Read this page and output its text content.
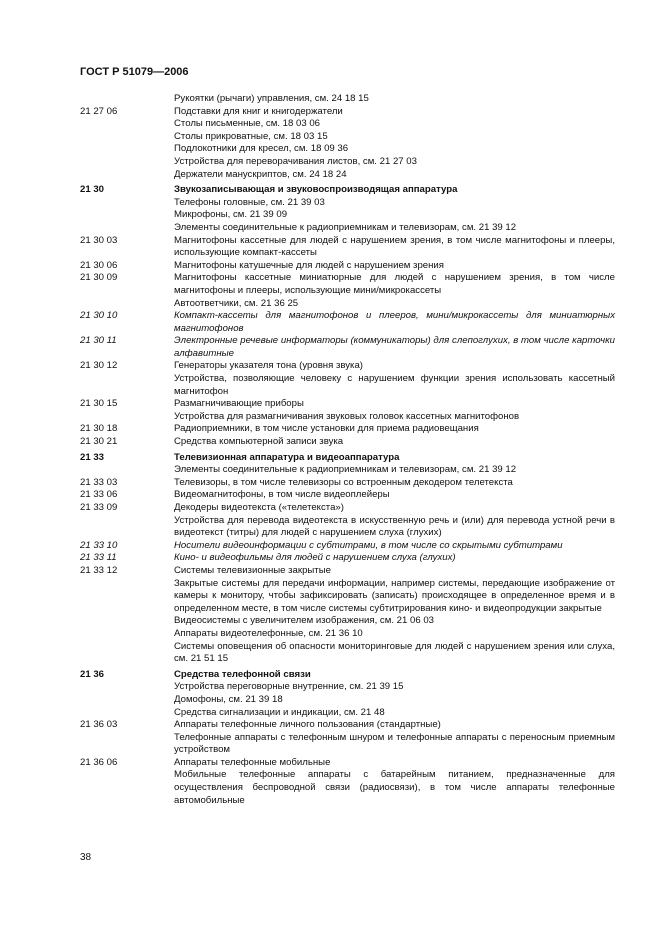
ГОСТ Р 51079—2006
Рукоятки (рычаги) управления, см. 24 18 15
21 27 06	Подставки для книг и книгодержатели
Столы письменные, см. 18 03 06
Столы прикроватные, см. 18 03 15
Подлокотники для кресел, см. 18 09 36
Устройства для переворачивания листов, см. 21 27 03
Держатели манускриптов, см. 24 18 24
21 30	Звукозаписывающая и звуковоспроизводящая аппаратура
Телефоны головные, см. 21 39 03
Микрофоны, см. 21 39 09
Элементы соединительные к радиоприемникам и телевизорам, см. 21 39 12
21 30 03	Магнитофоны кассетные для людей с нарушением зрения, в том числе магнитофоны и плееры, использующие компакт-кассеты
21 30 06	Магнитофоны катушечные для людей с нарушением зрения
21 30 09	Магнитофоны кассетные миниатюрные для людей с нарушением зрения, в том числе магнитофоны и плееры, использующие мини/микрокассеты
Автоответчики, см. 21 36 25
21 30 10	Компакт-кассеты для магнитофонов и плееров, мини/микрокассеты для миниатюрных магнитофонов
21 30 11	Электронные речевые информаторы (коммуникаторы) для слепоглухих, в том числе карточки алфавитные
21 30 12	Генераторы указателя тона (уровня звука)
Устройства, позволяющие человеку с нарушением функции зрения использовать кассетный магнитофон
21 30 15	Размагничивающие приборы
Устройства для размагничивания звуковых головок кассетных магнитофонов
21 30 18	Радиоприемники, в том числе установки для приема радиовещания
21 30 21	Средства компьютерной записи звука
21 33	Телевизионная аппаратура и видеоаппаратура
Элементы соединительные к радиоприемникам и телевизорам, см. 21 39 12
21 33 03	Телевизоры, в том числе телевизоры со встроенным декодером телетекста
21 33 06	Видеомагнитофоны, в том числе видеоплейеры
21 33 09	Декодеры видеотекста («телетекста»)
Устройства для перевода видеотекста в искусственную речь и (или) для перевода устной речи в видеотекст (титры) для людей с нарушением слуха (глухих)
21 33 10	Носители видеоинформации с субтитрами, в том числе со скрытыми субтитрами
21 33 11	Кино- и видеофильмы для людей с нарушением слуха (глухих)
21 33 12	Системы телевизионные закрытые
Закрытые системы для передачи информации, например системы, передающие изображение от камеры к монитору, чтобы зафиксировать (записать) происходящее в определенное время и в определенном месте, в том числе системы субтитрирования кино- и видеопродукции закрытые
Видеосистемы с увеличителем изображения, см. 21 06 03
Аппараты видеотелефонные, см. 21 36 10
Системы оповещения об опасности мониторинговые для людей с нарушением зрения или слуха, см. 21 51 15
21 36	Средства телефонной связи
Устройства переговорные внутренние, см. 21 39 15
Домофоны, см. 21 39 18
Средства сигнализации и индикации, см. 21 48
21 36 03	Аппараты телефонные личного пользования (стандартные)
Телефонные аппараты с телефонным шнуром и телефонные аппараты с переносным приемным устройством
21 36 06	Аппараты телефонные мобильные
Мобильные телефонные аппараты с батарейным питанием, предназначенные для осуществления беспроводной связи (радиосвязи), в том числе аппараты телефонные автомобильные
38
